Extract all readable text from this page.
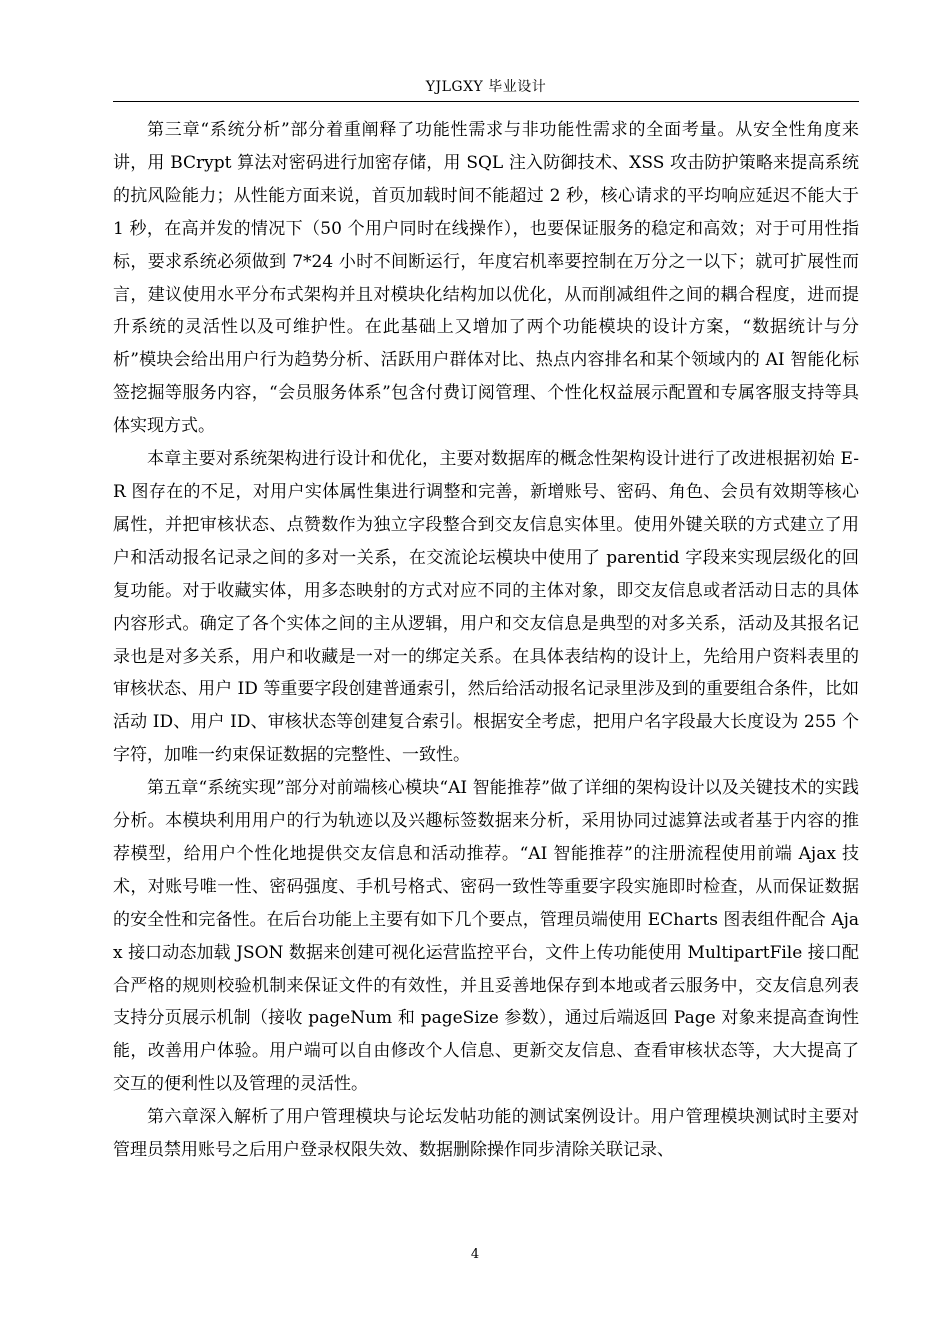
YJLGXY 毕业设计

第三章“系统分析”部分着重阐释了功能性需求与非功能性需求的全面考量。从安全性角度来讲，用 BCrypt 算法对密码进行加密存储，用 SQL 注入防御技术、XSS 攻击防护策略来提高系统的抗风险能力；从性能方面来说，首页加载时间不能超过 2 秒，核心请求的平均响应延迟不能大于 1 秒，在高并发的情况下（50 个用户同时在线操作），也要保证服务的稳定和高效；对于可用性指标，要求系统必须做到 7*24 小时不间断运行，年度宕机率要控制在万分之一以下；就可扩展性而言，建议使用水平分布式架构并且对模块化结构加以优化，从而削减组件之间的耦合程度，进而提升系统的灵活性以及可维护性。在此基础上又增加了两个功能模块的设计方案，“数据统计与分析”模块会给出用户行为趋势分析、活跃用户群体对比、热点内容排名和某个领域内的 AI 智能化标签挖掘等服务内容，“会员服务体系”包含付费订阅管理、个性化权益展示配置和专属客服支持等具体实现方式。

本章主要对系统架构进行设计和优化，主要对数据库的概念性架构设计进行了改进根据初始 E-R 图存在的不足，对用户实体属性集进行调整和完善，新增账号、密码、角色、会员有效期等核心属性，并把审核状态、点赞数作为独立字段整合到交友信息实体里。使用外键关联的方式建立了用户和活动报名记录之间的多对一关系，在交流论坛模块中使用了 parentid 字段来实现层级化的回复功能。对于收藏实体，用多态映射的方式对应不同的主体对象，即交友信息或者活动日志的具体内容形式。确定了各个实体之间的主从逻辑，用户和交友信息是典型的对多关系，活动及其报名记录也是对多关系，用户和收藏是一对一的绑定关系。在具体表结构的设计上，先给用户资料表里的审核状态、用户 ID 等重要字段创建普通索引，然后给活动报名记录里涉及到的重要组合条件，比如活动 ID、用户 ID、审核状态等创建复合索引。根据安全考虑，把用户名字段最大长度设为 255 个字符，加唯一约束保证数据的完整性、一致性。

第五章“系统实现”部分对前端核心模块“AI 智能推荐”做了详细的架构设计以及关键技术的实践分析。本模块利用用户的行为轨迹以及兴趣标签数据来分析，采用协同过滤算法或者基于内容的推荐模型，给用户个性化地提供交友信息和活动推荐。“AI 智能推荐”的注册流程使用前端 Ajax 技术，对账号唯一性、密码强度、手机号格式、密码一致性等重要字段实施即时检查，从而保证数据的安全性和完备性。在后台功能上主要有如下几个要点，管理员端使用 ECharts 图表组件配合 Ajax 接口动态加载 JSON 数据来创建可视化运营监控平台，文件上传功能使用 MultipartFile 接口配合严格的规则校验机制来保证文件的有效性，并且妥善地保存到本地或者云服务中，交友信息列表支持分页展示机制（接收 pageNum 和 pageSize 参数），通过后端返回 Page 对象来提高查询性能，改善用户体验。用户端可以自由修改个人信息、更新交友信息、查看审核状态等，大大提高了交互的便利性以及管理的灵活性。

第六章深入解析了用户管理模块与论坛发帖功能的测试案例设计。用户管理模块测试时主要对管理员禁用账号之后用户登录权限失效、数据删除操作同步清除关联记录、

4
